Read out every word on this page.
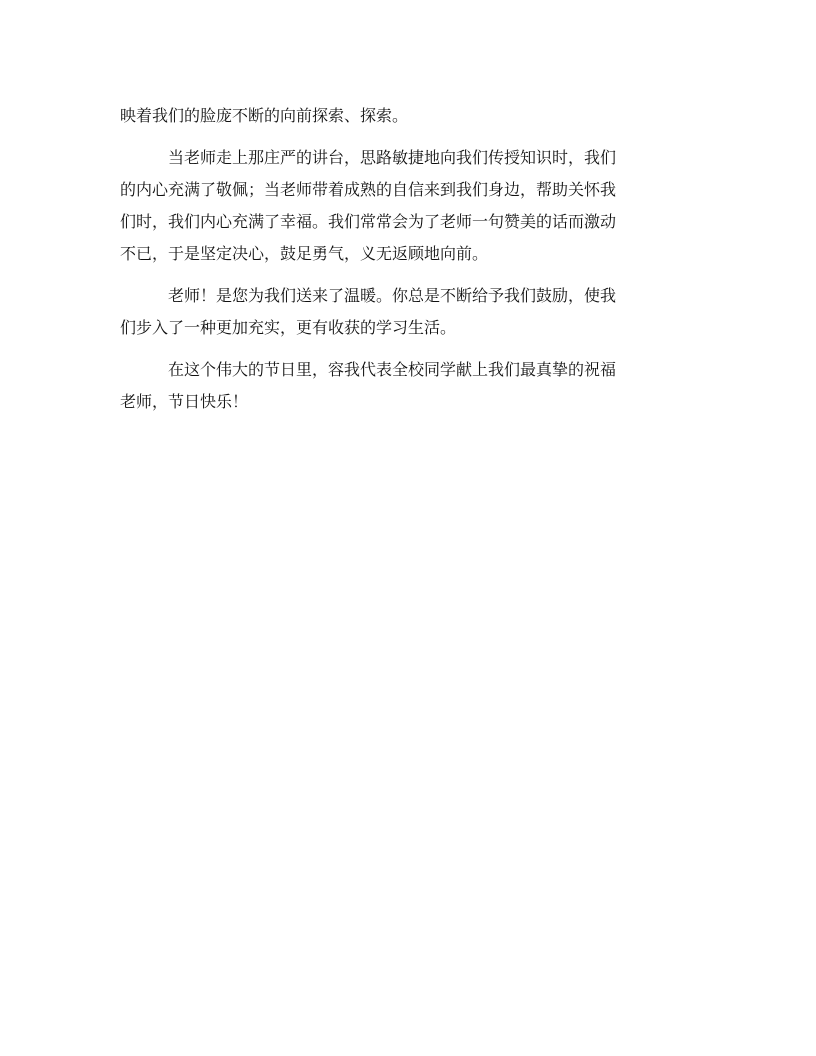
映着我们的脸庞不断的向前探索、探索。
当老师走上那庄严的讲台，思路敏捷地向我们传授知识时，我们
的内心充满了敬佩；当老师带着成熟的自信来到我们身边，帮助关怀我
们时，我们内心充满了幸福。我们常常会为了老师一句赞美的话而激动
不已，于是坚定决心，鼓足勇气，义无返顾地向前。
老师！是您为我们送来了温暖。你总是不断给予我们鼓励，使我
们步入了一种更加充实，更有收获的学习生活。
在这个伟大的节日里，容我代表全校同学献上我们最真挚的祝福
老师，节日快乐！
